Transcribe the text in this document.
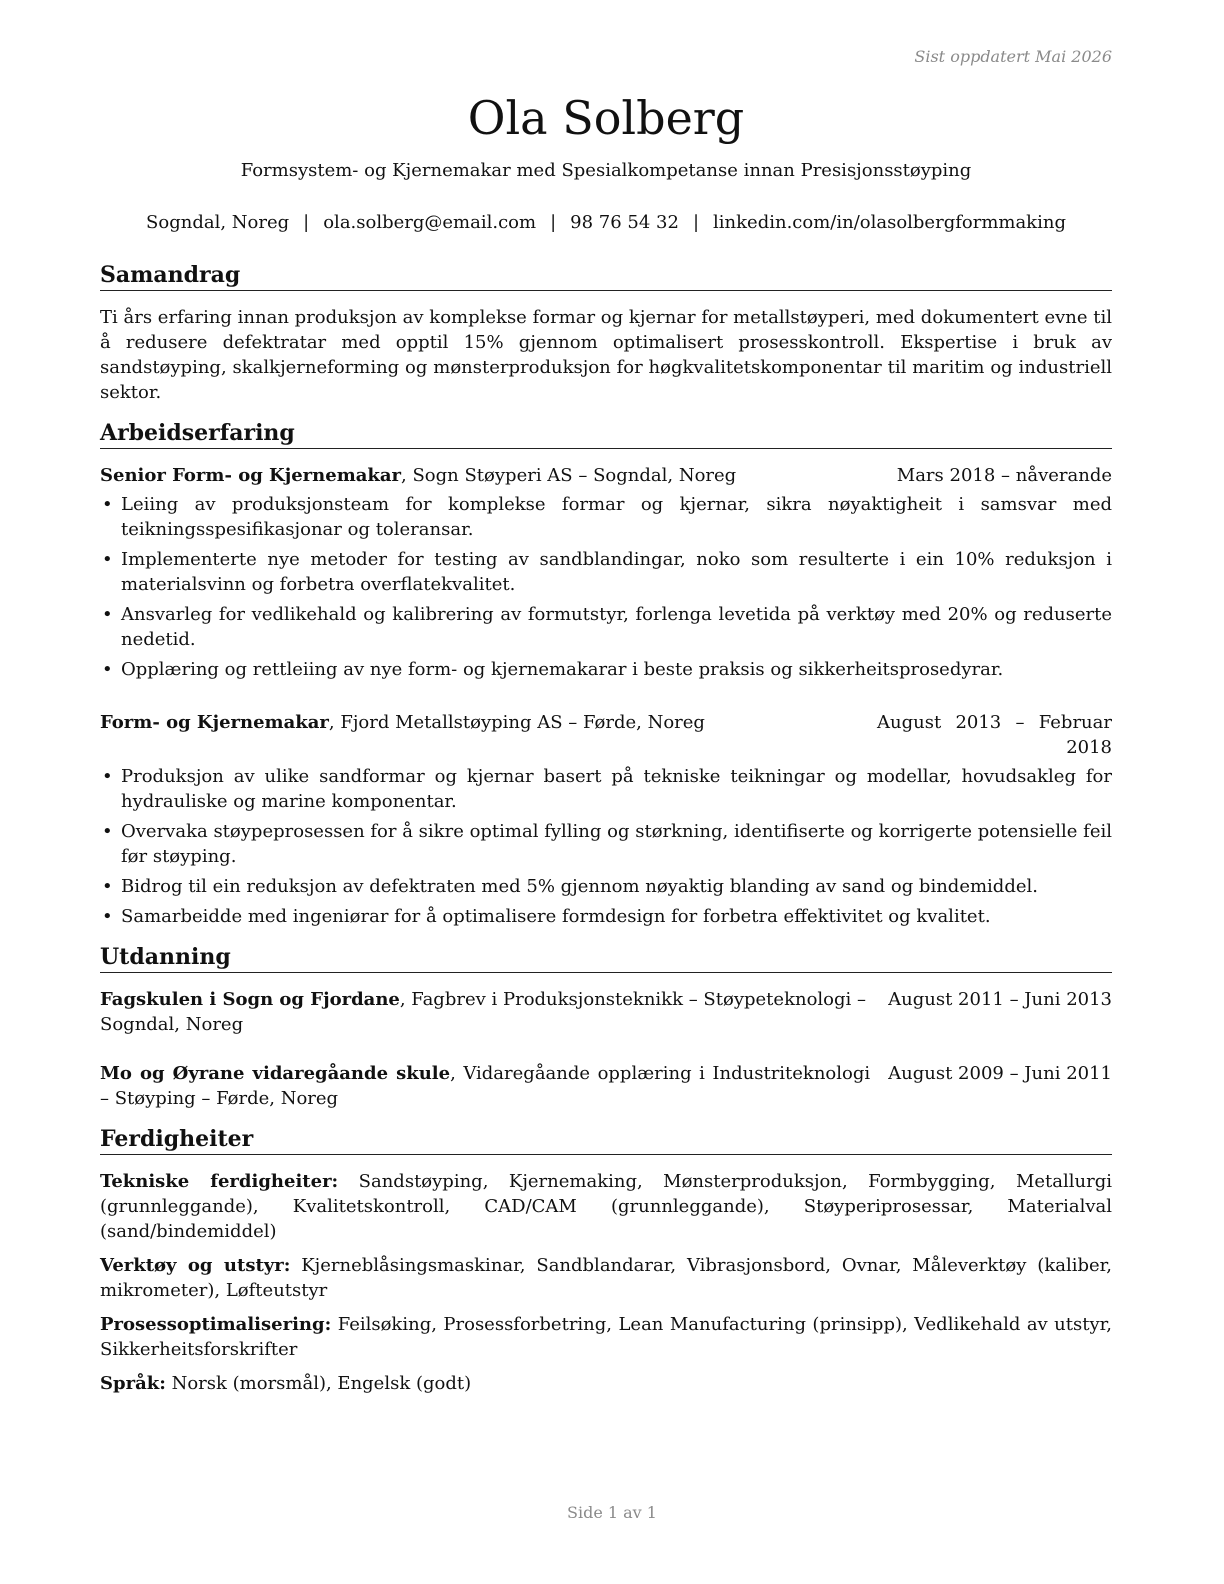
Sist oppdatert Mai 2026
Ola Solberg
Formsystem- og Kjernemakar med Spesialkompetanse innan Presisjonsstøyping
Sogndal, Noreg | ola.solberg@email.com | 98 76 54 32 | linkedin.com/in/olasolbergformmaking
Samandrag

Ti års erfaring innan produksjon av komplekse formar og kjernar for metallstøyperi, med dokumentert evne til å redusere defektratar med opptil 15% gjennom optimalisert prosesskontroll. Ekspertise i bruk av sandstøyping, skalkjerneforming og mønsterproduksjon for høgkvalitetskomponentar til maritim og industriell sektor.

Arbeidserfaring
Senior Form- og Kjernemakar, Sogn Støyperi AS – Sogndal, Noreg	Mars 2018 – nåverande
• Leiing av produksjonsteam for komplekse formar og kjernar, sikra nøyaktigheit i samsvar med teikningsspesifikasjonar og toleransar.
• Implementerte nye metoder for testing av sandblandingar, noko som resulterte i ein 10% reduksjon i materialsvinn og forbetra overflatekvalitet.
• Ansvarleg for vedlikehald og kalibrering av formutstyr, forlenga levetida på verktøy med 20% og reduserte nedetid.
• Opplæring og rettleiing av nye form- og kjernemakarar i beste praksis og sikkerheitsprosedyrar.
Form- og Kjernemakar, Fjord Metallstøyping AS – Førde, Noreg	August 2013 – Februar 2018
• Produksjon av ulike sandformar og kjernar basert på tekniske teikningar og modellar, hovudsakleg for hydrauliske og marine komponentar.
• Overvaka støypeprosessen for å sikre optimal fylling og størkning, identifiserte og korrigerte potensielle feil før støyping.
• Bidrog til ein reduksjon av defektraten med 5% gjennom nøyaktig blanding av sand og bindemiddel.
• Samarbeidde med ingeniørar for å optimalisere formdesign for forbetra effektivitet og kvalitet.
Utdanning
Fagskulen i Sogn og Fjordane, Fagbrev i Produksjonsteknikk – Støypeteknologi – Sogndal, Noreg
August 2011 – Juni 2013
Mo og Øyrane vidaregåande skule, Vidaregåande opplæring i Industriteknologi – Støyping – Førde, Noreg
August 2009 – Juni 2011
Ferdigheiter
Tekniske ferdigheiter: Sandstøyping, Kjernemaking, Mønsterproduksjon, Formbygging, Metallurgi (grunnleggande), Kvalitetskontroll, CAD/CAM (grunnleggande), Støyperiprosessar, Materialval (sand/bindemiddel)
Verktøy og utstyr: Kjerneblåsingsmaskinar, Sandblandarar, Vibrasjonsbord, Ovnar, Måleverktøy (kaliber, mikrometer), Løfteutstyr
Prosessoptimalisering: Feilsøking, Prosessforbetring, Lean Manufacturing (prinsipp), Vedlikehald av utstyr, Sikkerheitsforskrifter
Språk: Norsk (morsmål), Engelsk (godt)
Side 1 av 1
